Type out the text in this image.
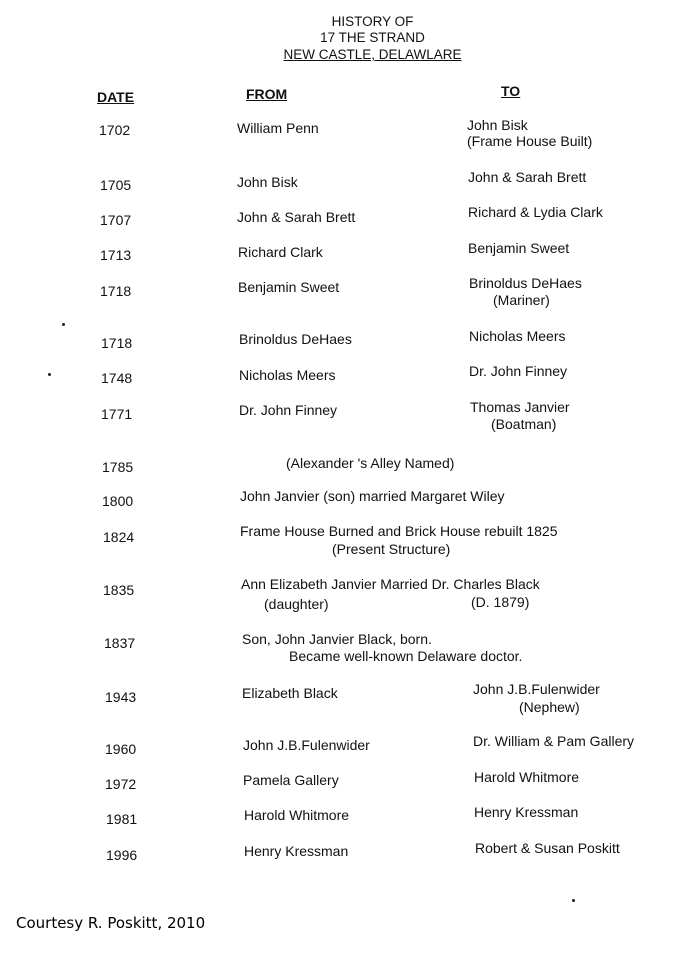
HISTORY OF
17 THE STRAND
NEW CASTLE, DELAWLARE
DATE	FROM	TO
1702	William Penn	John Bisk
(Frame House Built)
1705	John Bisk	John & Sarah Brett
1707	John & Sarah Brett	Richard & Lydia Clark
1713	Richard Clark	Benjamin Sweet
1718	Benjamin Sweet	Brinoldus DeHaes
(Mariner)
1718	Brinoldus DeHaes	Nicholas Meers
1748	Nicholas Meers	Dr. John Finney
1771	Dr. John Finney	Thomas Janvier
(Boatman)
1785	(Alexander 's Alley Named)
1800	John Janvier (son) married Margaret Wiley
1824	Frame House Burned and Brick House rebuilt 1825
(Present Structure)
1835	Ann Elizabeth Janvier Married Dr. Charles Black
(daughter)	(D. 1879)
1837	Son, John Janvier Black, born.
Became well-known Delaware doctor.
1943	Elizabeth Black	John J.B.Fulenwider
(Nephew)
1960	John J.B.Fulenwider	Dr. William & Pam Gallery
1972	Pamela Gallery	Harold Whitmore
1981	Harold Whitmore	Henry Kressman
1996	Henry Kressman	Robert & Susan Poskitt
Courtesy R. Poskitt, 2010
